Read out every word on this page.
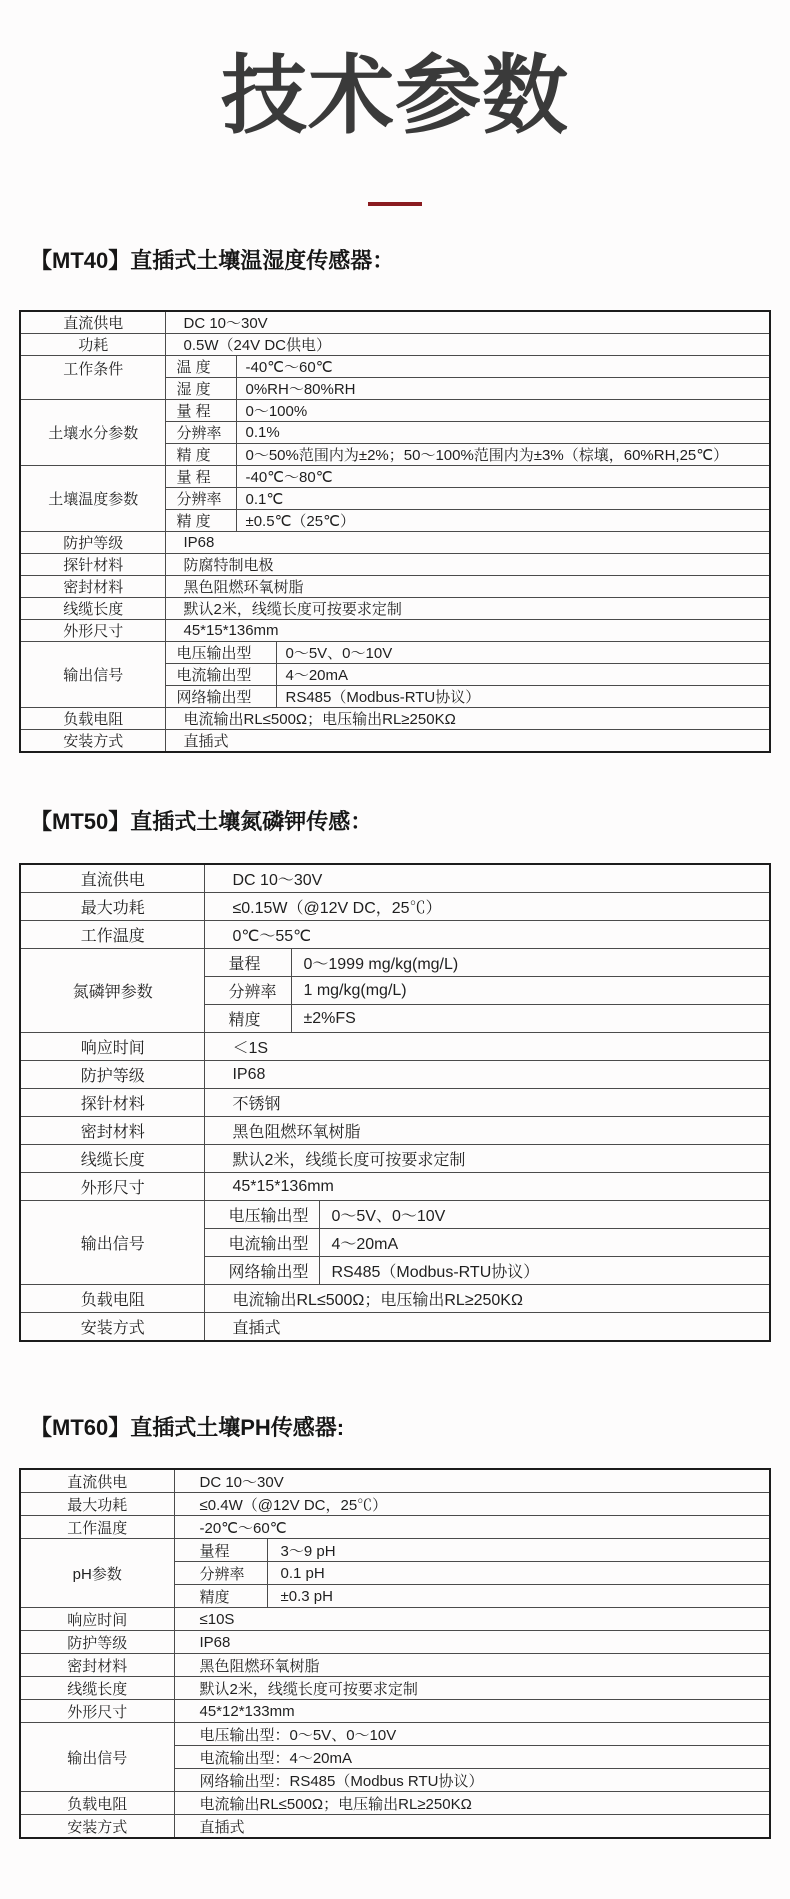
技术参数
【MT40】直插式土壤温湿度传感器：
直流供电	DC 10～30V		
功耗	0.5W（24V DC供电）		
工作条件	温 度	-40℃～60℃	
	湿 度	0%RH～80%RH	
土壤水分参数	量 程	0～100%	
	分辨率	0.1%	
	精 度	0～50%范围内为±2%；50～100%范围内为±3%（棕壤，60%RH,25℃）	
土壤温度参数	量 程	-40℃～80℃	
	分辨率	0.1℃	
	精 度	±0.5℃（25℃）	
防护等级	IP68		
探针材料	防腐特制电极		
密封材料	黑色阻燃环氧树脂		
线缆长度	默认2米，线缆长度可按要求定制		
外形尺寸	45*15*136mm		
输出信号	电压输出型		0～5V、0～10V
	电流输出型		4～20mA
	网络输出型		RS485（Modbus-RTU协议）
负载电阻	电流输出RL≤500Ω；电压输出RL≥250KΩ		
安装方式	直插式		
【MT50】直插式土壤氮磷钾传感：
直流供电	DC 10～30V		
最大功耗	≤0.15W（@12V DC，25℃）		
工作温度	0℃～55℃		
氮磷钾参数	量程	0～1999 mg/kg(mg/L)	
	分辨率	1 mg/kg(mg/L)	
	精度	±2%FS	
响应时间	＜1S		
防护等级	IP68		
探针材料	不锈钢		
密封材料	黑色阻燃环氧树脂		
线缆长度	默认2米，线缆长度可按要求定制		
外形尺寸	45*15*136mm		
输出信号	电压输出型		0～5V、0～10V
	电流输出型		4～20mA
	网络输出型		RS485（Modbus-RTU协议）
负载电阻	电流输出RL≤500Ω；电压输出RL≥250KΩ		
安装方式	直插式		
【MT60】直插式土壤PH传感器:
直流供电	DC 10～30V	
最大功耗	≤0.4W（@12V DC，25℃）	
工作温度	-20℃～60℃	
pH参数	量程	3～9 pH
	分辨率	0.1 pH
	精度	±0.3 pH
响应时间	≤10S	
防护等级	IP68	
密封材料	黑色阻燃环氧树脂	
线缆长度	默认2米，线缆长度可按要求定制	
外形尺寸	45*12*133mm	
输出信号	电压输出型：0～5V、0～10V	
	电流输出型：4～20mA	
	网络输出型：RS485（Modbus RTU协议）	
负载电阻	电流输出RL≤500Ω；电压输出RL≥250KΩ	
安装方式	直插式	
